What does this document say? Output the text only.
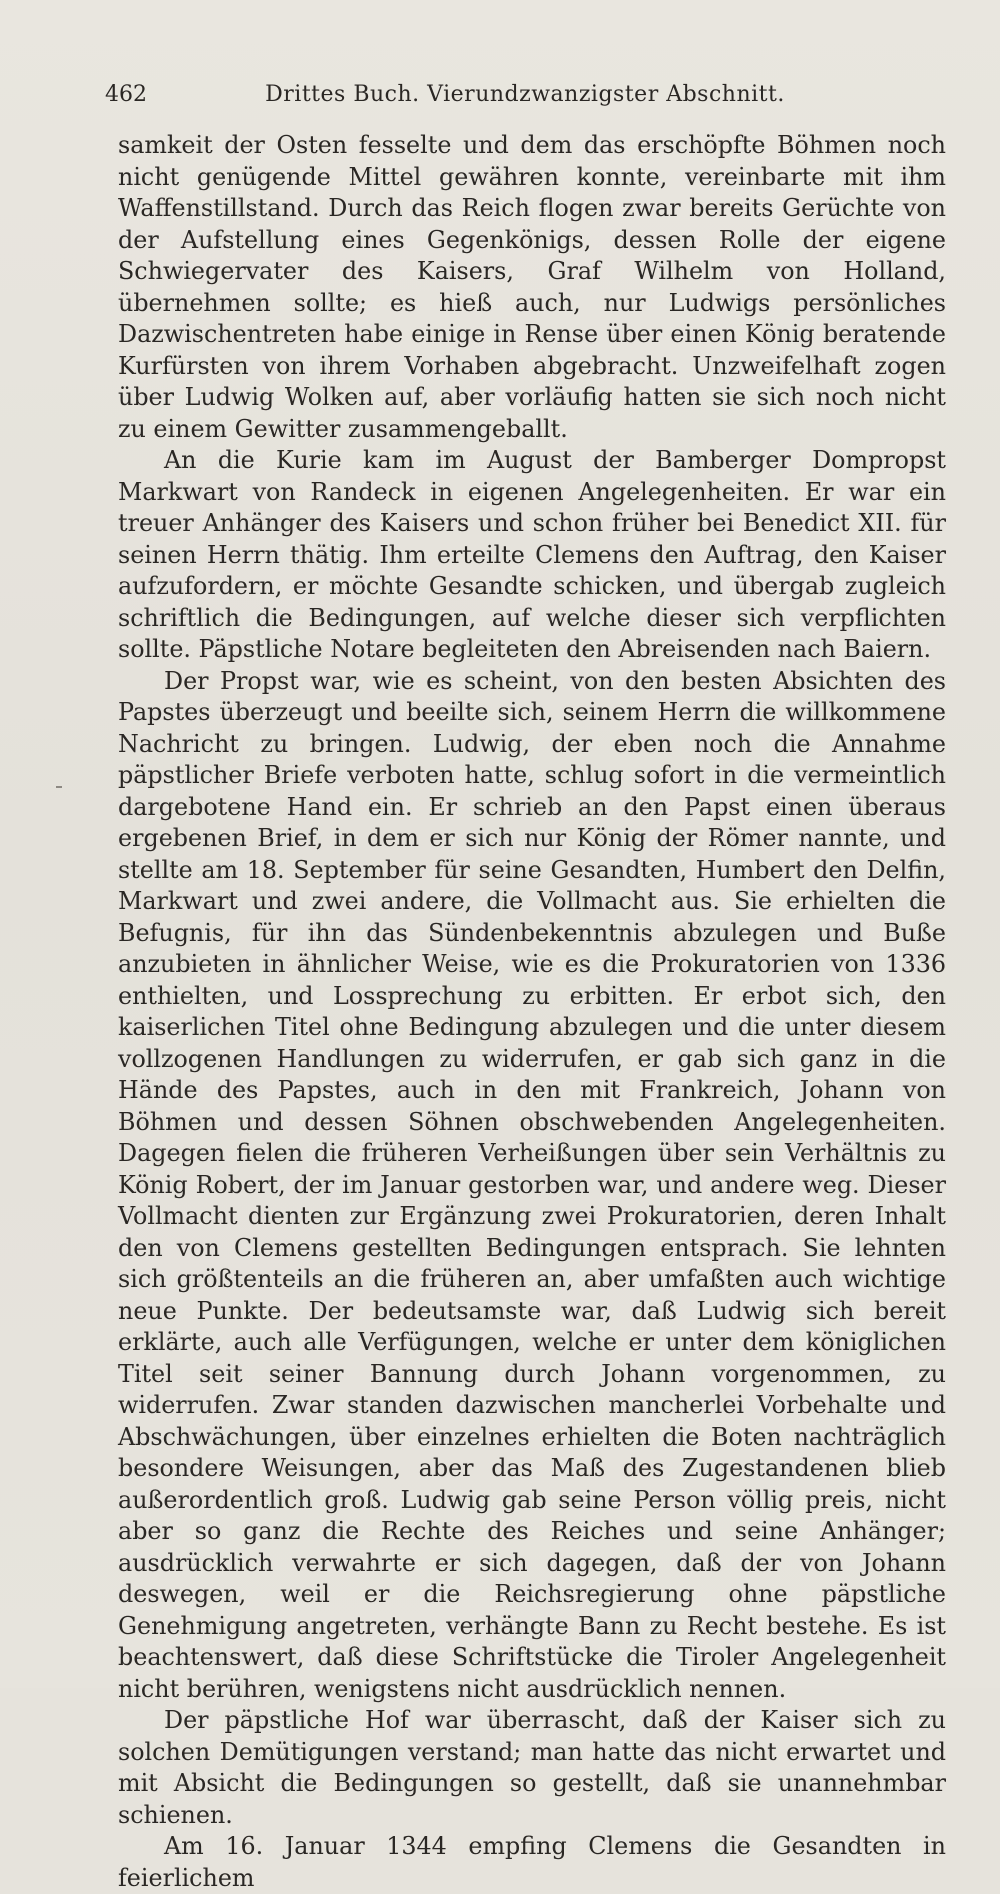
462	Drittes Buch. Vierundzwanzigster Abschnitt.

samkeit der Osten fesselte und dem das erschöpfte Böhmen noch nicht genügende Mittel gewähren konnte, vereinbarte mit ihm Waffenstillstand. Durch das Reich flogen zwar bereits Gerüchte von der Aufstellung eines Gegenkönigs, dessen Rolle der eigene Schwiegervater des Kaisers, Graf Wilhelm von Holland, übernehmen sollte; es hieß auch, nur Ludwigs persönliches Dazwischentreten habe einige in Rense über einen König beratende Kurfürsten von ihrem Vorhaben abgebracht. Unzweifelhaft zogen über Ludwig Wolken auf, aber vorläufig hatten sie sich noch nicht zu einem Gewitter zusammengeballt.

An die Kurie kam im August der Bamberger Dompropst Markwart von Randeck in eigenen Angelegenheiten. Er war ein treuer Anhänger des Kaisers und schon früher bei Benedict XII. für seinen Herrn thätig. Ihm erteilte Clemens den Auftrag, den Kaiser aufzufordern, er möchte Gesandte schicken, und übergab zugleich schriftlich die Bedingungen, auf welche dieser sich verpflichten sollte. Päpstliche Notare begleiteten den Abreisenden nach Baiern.

Der Propst war, wie es scheint, von den besten Absichten des Papstes überzeugt und beeilte sich, seinem Herrn die willkommene Nachricht zu bringen. Ludwig, der eben noch die Annahme päpstlicher Briefe verboten hatte, schlug sofort in die vermeintlich dargebotene Hand ein. Er schrieb an den Papst einen überaus ergebenen Brief, in dem er sich nur König der Römer nannte, und stellte am 18. September für seine Gesandten, Humbert den Delfin, Markwart und zwei andere, die Vollmacht aus. Sie erhielten die Befugnis, für ihn das Sündenbekenntnis abzulegen und Buße anzubieten in ähnlicher Weise, wie es die Prokuratorien von 1336 enthielten, und Lossprechung zu erbitten. Er erbot sich, den kaiserlichen Titel ohne Bedingung abzulegen und die unter diesem vollzogenen Handlungen zu widerrufen, er gab sich ganz in die Hände des Papstes, auch in den mit Frankreich, Johann von Böhmen und dessen Söhnen obschwebenden Angelegenheiten. Dagegen fielen die früheren Verheißungen über sein Verhältnis zu König Robert, der im Januar gestorben war, und andere weg. Dieser Vollmacht dienten zur Ergänzung zwei Prokuratorien, deren Inhalt den von Clemens gestellten Bedingungen entsprach. Sie lehnten sich größtenteils an die früheren an, aber umfaßten auch wichtige neue Punkte. Der bedeutsamste war, daß Ludwig sich bereit erklärte, auch alle Verfügungen, welche er unter dem königlichen Titel seit seiner Bannung durch Johann vorgenommen, zu widerrufen. Zwar standen dazwischen mancherlei Vorbehalte und Abschwächungen, über einzelnes erhielten die Boten nachträglich besondere Weisungen, aber das Maß des Zugestandenen blieb außerordentlich groß. Ludwig gab seine Person völlig preis, nicht aber so ganz die Rechte des Reiches und seine Anhänger; ausdrücklich verwahrte er sich dagegen, daß der von Johann deswegen, weil er die Reichsregierung ohne päpstliche Genehmigung angetreten, verhängte Bann zu Recht bestehe. Es ist beachtenswert, daß diese Schriftstücke die Tiroler Angelegenheit nicht berühren, wenigstens nicht ausdrücklich nennen.

Der päpstliche Hof war überrascht, daß der Kaiser sich zu solchen Demütigungen verstand; man hatte das nicht erwartet und mit Absicht die Bedingungen so gestellt, daß sie unannehmbar schienen.

Am 16. Januar 1344 empfing Clemens die Gesandten in feierlichem
